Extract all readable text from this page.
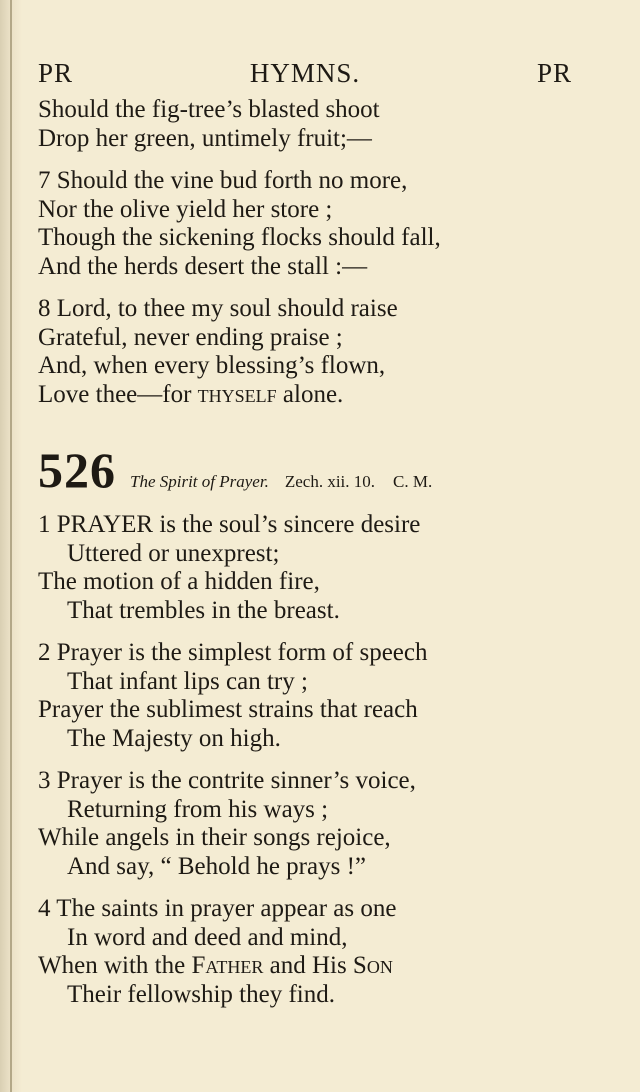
PR	HYMNS.	PR
Should the fig-tree’s blasted shoot
Drop her green, untimely fruit;—
7 Should the vine bud forth no more,
Nor the olive yield her store ;
Though the sickening flocks should fall,
And the herds desert the stall :—
8 Lord, to thee my soul should raise
Grateful, never ending praise ;
And, when every blessing’s flown,
Love thee—for thyself alone.
526 The Spirit of Prayer. Zech. xii. 10. C. M.
1 PRAYER is the soul’s sincere desire
Uttered or unexprest;
The motion of a hidden fire,
That trembles in the breast.
2 Prayer is the simplest form of speech
That infant lips can try ;
Prayer the sublimest strains that reach
The Majesty on high.
3 Prayer is the contrite sinner’s voice,
Returning from his ways ;
While angels in their songs rejoice,
And say, “ Behold he prays !”
4 The saints in prayer appear as one
In word and deed and mind,
When with the Father and His Son
Their fellowship they find.
